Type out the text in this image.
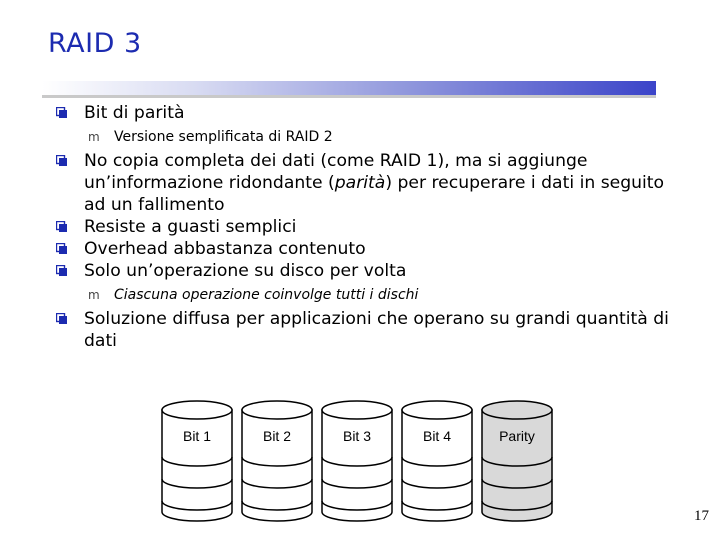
RAID 3
Bit di parità
m Versione semplificata di RAID 2
No copia completa dei dati (come RAID 1), ma si aggiunge un’informazione ridondante (parità) per recuperare i dati in seguito ad un fallimento
Resiste a guasti semplici
Overhead abbastanza contenuto
Solo un’operazione su disco per volta
m Ciascuna operazione coinvolge tutti i dischi
Soluzione diffusa per applicazioni che operano su grandi quantità di dati
Bit 1	Bit 2	Bit 3	Bit 4	Parity
17
